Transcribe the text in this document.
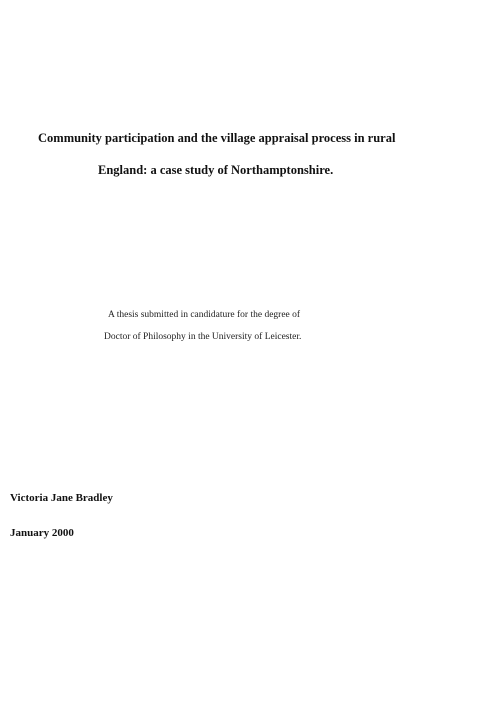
Community participation and the village appraisal process in rural
England: a case study of Northamptonshire.
A thesis submitted in candidature for the degree of
Doctor of Philosophy in the University of Leicester.
Victoria Jane Bradley
January 2000
